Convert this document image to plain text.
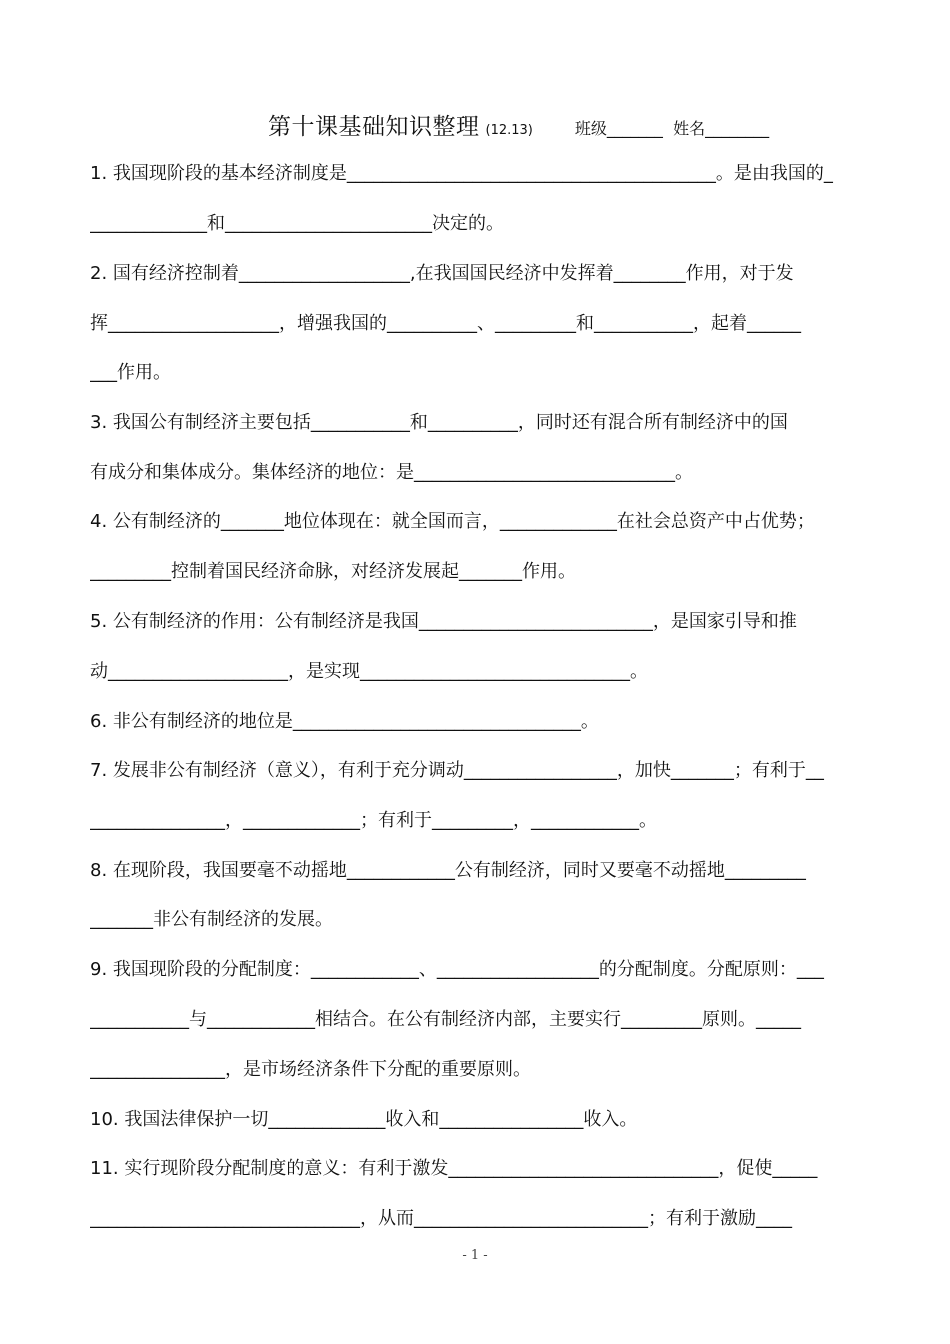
第十课基础知识整理 (12.13)	班级_______ 姓名________
1. 我国现阶段的基本经济制度是_________________________________________。是由我国的_
_____________和_______________________决定的。
2. 国有经济控制着___________________,在我国国民经济中发挥着________作用，对于发
挥___________________，增强我国的__________、_________和___________，起着______
___作用。
3. 我国公有制经济主要包括___________和__________，同时还有混合所有制经济中的国
有成分和集体成分。集体经济的地位：是_____________________________。
4. 公有制经济的_______地位体现在：就全国而言，_____________在社会总资产中占优势；
_________控制着国民经济命脉，对经济发展起_______作用。
5. 公有制经济的作用：公有制经济是我国__________________________，是国家引导和推
动____________________，是实现______________________________。
6. 非公有制经济的地位是________________________________。
7. 发展非公有制经济（意义），有利于充分调动_________________，加快_______；有利于__
_______________，_____________；有利于_________，____________。
8. 在现阶段，我国要毫不动摇地____________公有制经济，同时又要毫不动摇地_________
_______非公有制经济的发展。
9. 我国现阶段的分配制度：____________、__________________的分配制度。分配原则：___
___________与____________相结合。在公有制经济内部，主要实行_________原则。_____
_______________，是市场经济条件下分配的重要原则。
10. 我国法律保护一切_____________收入和________________收入。
11. 实行现阶段分配制度的意义：有利于激发______________________________，促使_____
______________________________，从而__________________________；有利于激励____
- 1 -
